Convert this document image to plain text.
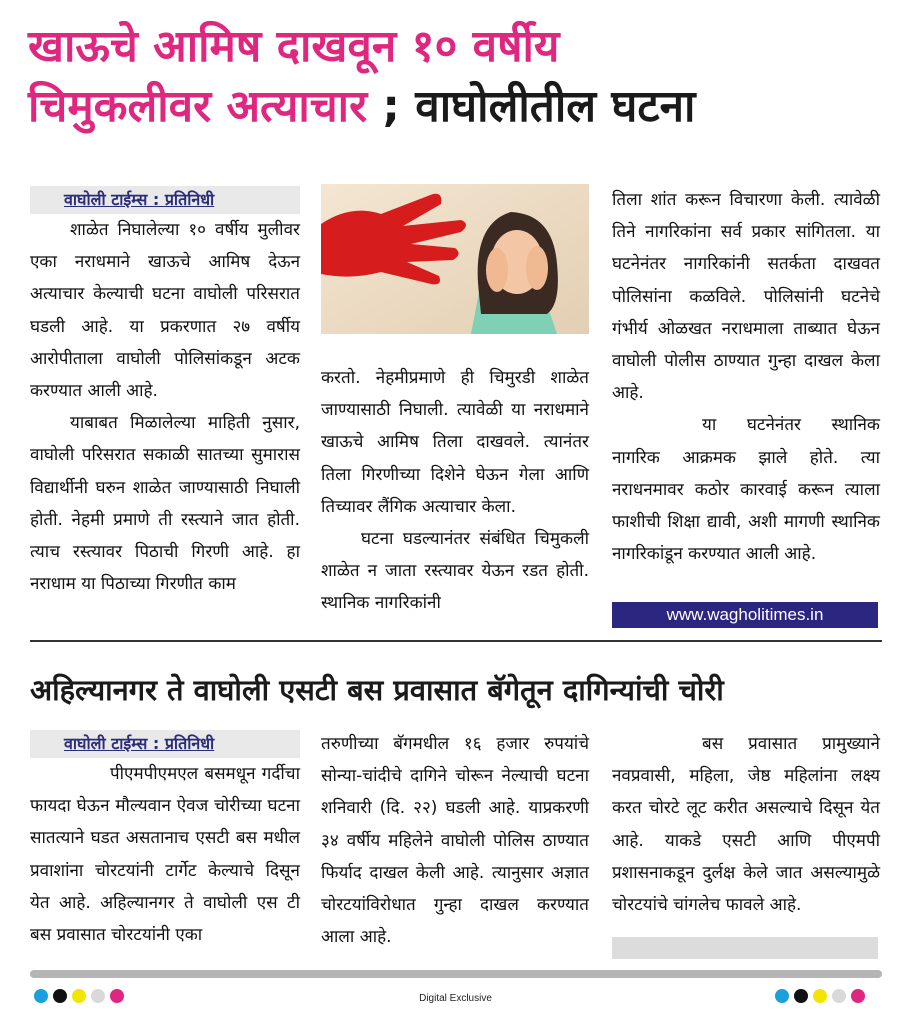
खाऊचे आमिष दाखवून १० वर्षीय
चिमुकलीवर अत्याचार ; वाघोलीतील घटना
वाघोली टाईम्स : प्रतिनिधी

शाळेत निघालेल्या १० वर्षीय मुलीवर एका नराधमाने खाऊचे आमिष देऊन अत्याचार केल्याची घटना वाघोली परिसरात घडली आहे. या प्रकरणात २७ वर्षीय आरोपीताला वाघोली पोलिसांकडून अटक करण्यात आली आहे.

याबाबत मिळालेल्या माहिती नुसार, वाघोली परिसरात सकाळी सातच्या सुमारास विद्यार्थीनी घरुन शाळेत जाण्यासाठी निघाली होती. नेहमी प्रमाणे ती रस्त्याने जात होती. त्याच रस्त्यावर पिठाची गिरणी आहे. हा नराधाम या पिठाच्या गिरणीत काम

करतो. नेहमीप्रमाणे ही चिमुरडी शाळेत जाण्यासाठी निघाली. त्यावेळी या नराधमाने खाऊचे आमिष तिला दाखवले. त्यानंतर तिला गिरणीच्या दिशेने घेऊन गेला आणि तिच्यावर लैंगिक अत्याचार केला.

घटना घडल्यानंतर संबंधित चिमुकली शाळेत न जाता रस्त्यावर येऊन रडत होती. स्थानिक नागरिकांनी

तिला शांत करून विचारणा केली. त्यावेळी तिने नागरिकांना सर्व प्रकार सांगितला. या घटनेनंतर नागरिकांनी सतर्कता दाखवत पोलिसांना कळविले. पोलिसांनी घटनेचे गंभीर्य ओळखत नराधमाला ताब्यात घेऊन वाघोली पोलीस ठाण्यात गुन्हा दाखल केला आहे.

या घटनेनंतर स्थानिक नागरिक आक्रमक झाले होते. त्या नराधनमावर कठोर कारवाई करून त्याला फाशीची शिक्षा द्यावी, अशी मागणी स्थानिक नागरिकांडून करण्यात आली आहे.

www.wagholitimes.in
अहिल्यानगर ते वाघोली एसटी बस प्रवासात बॅगेतून दागिन्यांची चोरी
वाघोली टाईम्स : प्रतिनिधी

पीएमपीएमएल बसमधून गर्दीचा फायदा घेऊन मौल्यवान ऐवज चोरीच्या घटना सातत्याने घडत असतानाच एसटी बस मधील प्रवाशांना चोरटयांनी टार्गेट केल्याचे दिसून येत आहे. अहिल्यानगर ते वाघोली एस टी बस प्रवासात चोरटयांनी एका

तरुणीच्या बॅगमधील १६ हजार रुपयांचे सोन्या-चांदीचे दागिने चोरून नेल्याची घटना शनिवारी (दि. २२) घडली आहे. याप्रकरणी ३४ वर्षीय महिलेने वाघोली पोलिस ठाण्यात फिर्याद दाखल केली आहे. त्यानुसार अज्ञात चोरटयांविरोधात गुन्हा दाखल करण्यात आला आहे.

बस प्रवासात प्रामुख्याने नवप्रवासी, महिला, जेष्ठ महिलांना लक्ष्य करत चोरटे लूट करीत असल्याचे दिसून येत आहे. याकडे एसटी आणि पीएमपी प्रशासनाकडून दुर्लक्ष केले जात असल्यामुळे चोरटयांचे चांगलेच फावले आहे.

Digital Exclusive
